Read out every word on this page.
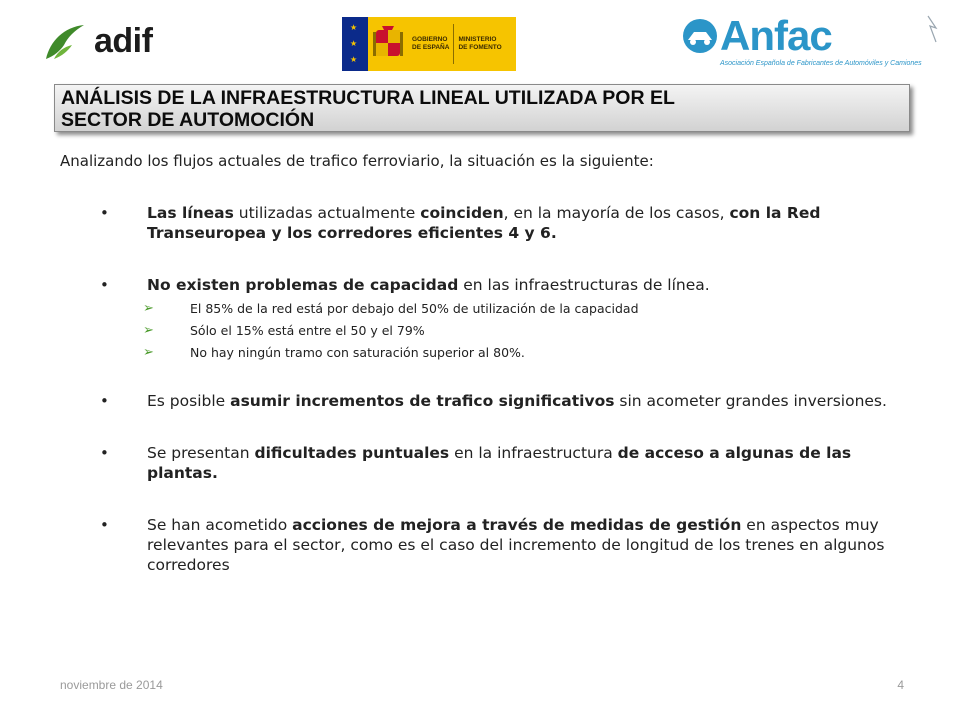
adif	★
★
★
GOBIERNO
DE ESPAÑA
MINISTERIO
DE FOMENTO	Anfac
Asociación Española de Fabricantes de Automóviles y Camiones
ANÁLISIS DE LA INFRAESTRUCTURA LINEAL UTILIZADA POR EL
SECTOR DE AUTOMOCIÓN
Analizando los flujos actuales de trafico ferroviario, la situación es la siguiente:
• Las líneas utilizadas actualmente coinciden, en la mayoría de los casos, con la Red Transeuropea y los corredores eficientes 4 y 6.
• No existen problemas de capacidad en las infraestructuras de línea.
➢	El 85% de la red está por debajo del 50% de utilización de la capacidad
➢	Sólo el 15% está entre el 50 y el 79%
➢	No hay ningún tramo con saturación superior al 80%.
• Es posible asumir incrementos de trafico significativos sin acometer grandes inversiones.
• Se presentan dificultades puntuales en la infraestructura de acceso a algunas de las plantas.
• Se han acometido acciones de mejora a través de medidas de gestión en aspectos muy relevantes para el sector, como es el caso del incremento de longitud de los trenes en algunos corredores
noviembre de 2014	4
